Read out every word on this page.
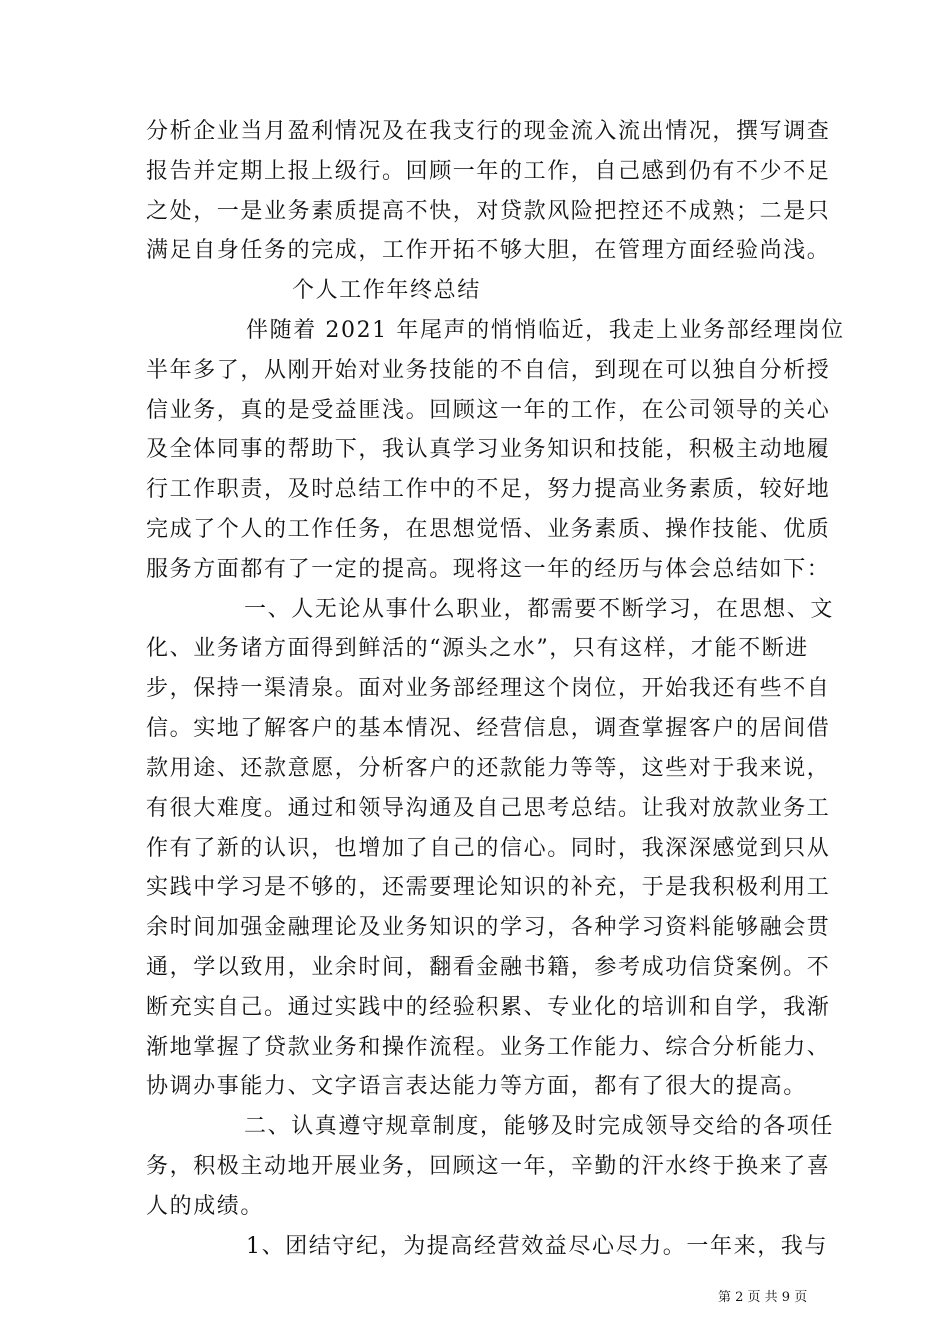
分析企业当月盈利情况及在我支行的现金流入流出情况，撰写调查
报告并定期上报上级行。回顾一年的工作，自己感到仍有不少不足
之处，一是业务素质提高不快，对贷款风险把控还不成熟；二是只
满足自身任务的完成，工作开拓不够大胆，在管理方面经验尚浅。
个人工作年终总结
伴随着 2021 年尾声的悄悄临近，我走上业务部经理岗位
半年多了，从刚开始对业务技能的不自信，到现在可以独自分析授
信业务，真的是受益匪浅。回顾这一年的工作，在公司领导的关心
及全体同事的帮助下，我认真学习业务知识和技能，积极主动地履
行工作职责，及时总结工作中的不足，努力提高业务素质，较好地
完成了个人的工作任务，在思想觉悟、业务素质、操作技能、优质
服务方面都有了一定的提高。现将这一年的经历与体会总结如下：
一、人无论从事什么职业，都需要不断学习，在思想、文
化、业务诸方面得到鲜活的“源头之水”，只有这样，才能不断进
步，保持一渠清泉。面对业务部经理这个岗位，开始我还有些不自
信。实地了解客户的基本情况、经营信息，调查掌握客户的居间借
款用途、还款意愿，分析客户的还款能力等等，这些对于我来说，
有很大难度。通过和领导沟通及自己思考总结。让我对放款业务工
作有了新的认识，也增加了自己的信心。同时，我深深感觉到只从
实践中学习是不够的，还需要理论知识的补充，于是我积极利用工
余时间加强金融理论及业务知识的学习，各种学习资料能够融会贯
通，学以致用，业余时间，翻看金融书籍，参考成功信贷案例。不
断充实自己。通过实践中的经验积累、专业化的培训和自学，我渐
渐地掌握了贷款业务和操作流程。业务工作能力、综合分析能力、
协调办事能力、文字语言表达能力等方面，都有了很大的提高。
二、认真遵守规章制度，能够及时完成领导交给的各项任
务，积极主动地开展业务，回顾这一年，辛勤的汗水终于换来了喜
人的成绩。
1、团结守纪，为提高经营效益尽心尽力。一年来，我与
第 2 页 共 9 页
